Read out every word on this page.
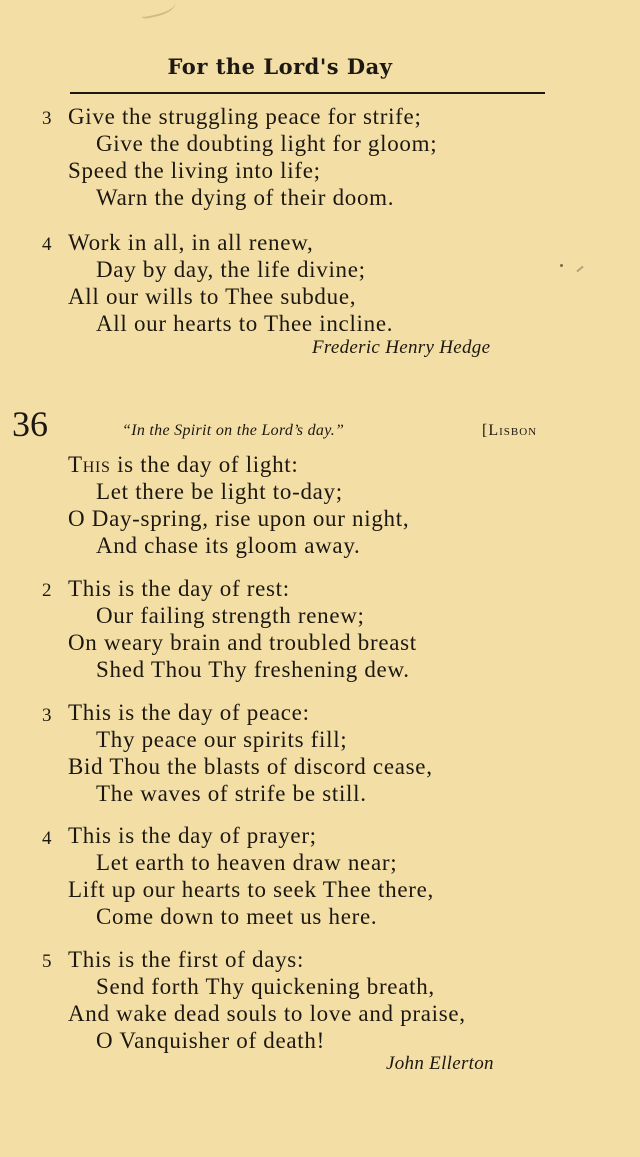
For the Lord's Day
3 Give the struggling peace for strife;
Give the doubting light for gloom;
Speed the living into life;
Warn the dying of their doom.
4 Work in all, in all renew,
Day by day, the life divine;
All our wills to Thee subdue,
All our hearts to Thee incline.
Frederic Henry Hedge
36	“In the Spirit on the Lord’s day.”	[Lisbon
This is the day of light:
Let there be light to-day;
O Day-spring, rise upon our night,
And chase its gloom away.
2 This is the day of rest:
Our failing strength renew;
On weary brain and troubled breast
Shed Thou Thy freshening dew.
3 This is the day of peace:
Thy peace our spirits fill;
Bid Thou the blasts of discord cease,
The waves of strife be still.
4 This is the day of prayer;
Let earth to heaven draw near;
Lift up our hearts to seek Thee there,
Come down to meet us here.
5 This is the first of days:
Send forth Thy quickening breath,
And wake dead souls to love and praise,
O Vanquisher of death!
John Ellerton
